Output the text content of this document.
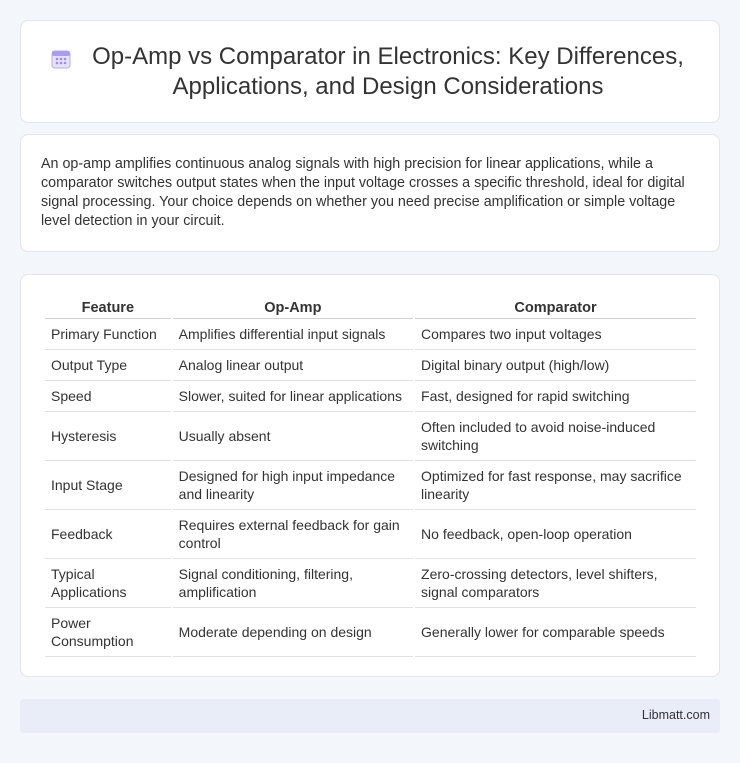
Op-Amp vs Comparator in Electronics: Key Differences, Applications, and Design Considerations

An op-amp amplifies continuous analog signals with high precision for linear applications, while a comparator switches output states when the input voltage crosses a specific threshold, ideal for digital signal processing. Your choice depends on whether you need precise amplification or simple voltage level detection in your circuit.

Feature	Op-Amp	Comparator
Primary Function	Amplifies differential input signals	Compares two input voltages
Output Type	Analog linear output	Digital binary output (high/low)
Speed	Slower, suited for linear applications	Fast, designed for rapid switching
Hysteresis	Usually absent	Often included to avoid noise-induced switching
Input Stage	Designed for high input impedance and linearity	Optimized for fast response, may sacrifice linearity
Feedback	Requires external feedback for gain control	No feedback, open-loop operation
Typical Applications	Signal conditioning, filtering, amplification	Zero-crossing detectors, level shifters, signal comparators
Power Consumption	Moderate depending on design	Generally lower for comparable speeds
Libmatt.com
